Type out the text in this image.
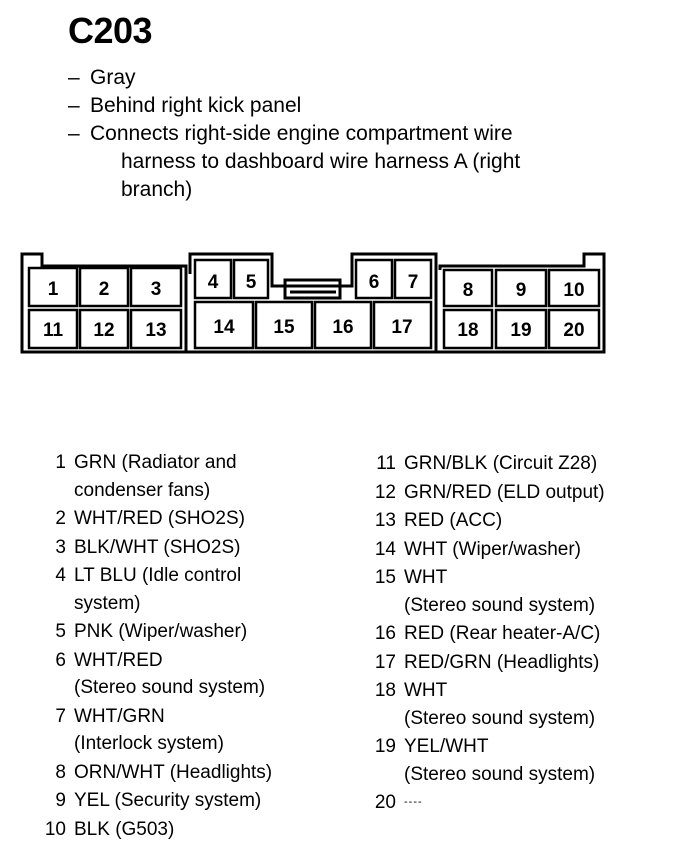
C203
– Gray
– Behind right kick panel
– Connects right-side engine compartment wire

harness to dashboard wire harness A (right
branch)
1 2 3 4 5	6 7 8 9 10
11 12 13 14 15 16 17 18 19 20
1 GRN (Radiator and
condenser fans)
2 WHT/RED (SHO2S)
3 BLK/WHT (SHO2S)
4 LT BLU (Idle control
system)
5 PNK (Wiper/washer)
6 WHT/RED
(Stereo sound system)
7 WHT/GRN
(Interlock system)
8 ORN/WHT (Headlights)
9 YEL (Security system)
10 BLK (G503)
11 GRN/BLK (Circuit Z28)
12 GRN/RED (ELD output)
13 RED (ACC)
14 WHT (Wiper/washer)
15 WHT
(Stereo sound system)
16 RED (Rear heater-A/C)
17 RED/GRN (Headlights)
18 WHT
(Stereo sound system)
19 YEL/WHT
(Stereo sound system)
20 ----
